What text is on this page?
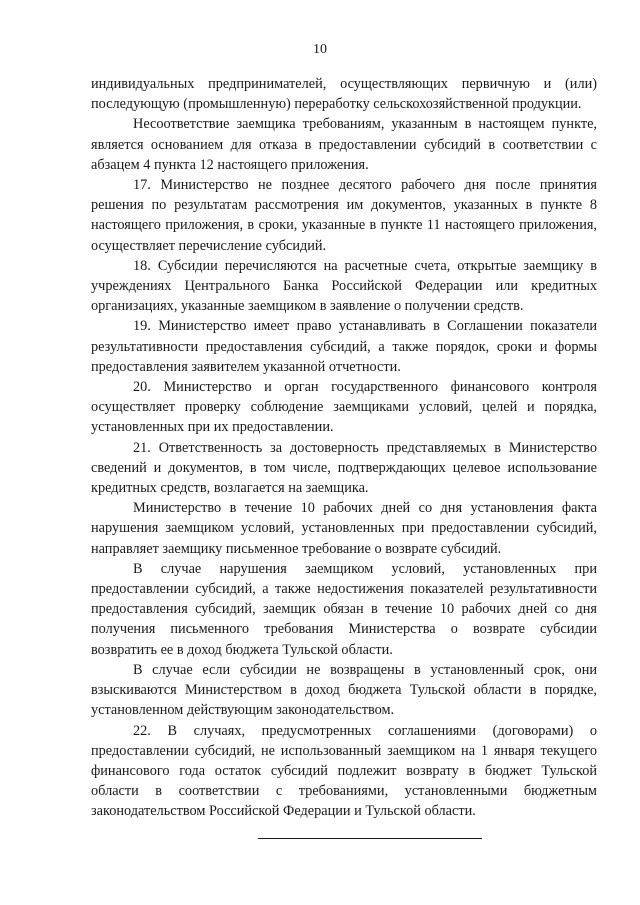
10

индивидуальных предпринимателей, осуществляющих первичную и (или) последующую (промышленную) переработку сельскохозяйственной продукции.

Несоответствие заемщика требованиям, указанным в настоящем пункте, является основанием для отказа в предоставлении субсидий в соответствии с абзацем 4 пункта 12 настоящего приложения.

17. Министерство не позднее десятого рабочего дня после принятия решения по результатам рассмотрения им документов, указанных в пункте 8 настоящего приложения, в сроки, указанные в пункте 11 настоящего приложения, осуществляет перечисление субсидий.

18. Субсидии перечисляются на расчетные счета, открытые заемщику в учреждениях Центрального Банка Российской Федерации или кредитных организациях, указанные заемщиком в заявление о получении средств.

19. Министерство имеет право устанавливать в Соглашении показатели результативности предоставления субсидий, а также порядок, сроки и формы предоставления заявителем указанной отчетности.

20. Министерство и орган государственного финансового контроля осуществляет проверку соблюдение заемщиками условий, целей и порядка, установленных при их предоставлении.

21. Ответственность за достоверность представляемых в Министерство сведений и документов, в том числе, подтверждающих целевое использование кредитных средств, возлагается на заемщика.

Министерство в течение 10 рабочих дней со дня установления факта нарушения заемщиком условий, установленных при предоставлении субсидий, направляет заемщику письменное требование о возврате субсидий.

В случае нарушения заемщиком условий, установленных при предоставлении субсидий, а также недостижения показателей результативности предоставления субсидий, заемщик обязан в течение 10 рабочих дней со дня получения письменного требования Министерства о возврате субсидии возвратить ее в доход бюджета Тульской области.

В случае если субсидии не возвращены в установленный срок, они взыскиваются Министерством в доход бюджета Тульской области в порядке, установленном действующим законодательством.

22. В случаях, предусмотренных соглашениями (договорами) о предоставлении субсидий, не использованный заемщиком на 1 января текущего финансового года остаток субсидий подлежит возврату в бюджет Тульской области в соответствии с требованиями, установленными бюджетным законодательством Российской Федерации и Тульской области.
